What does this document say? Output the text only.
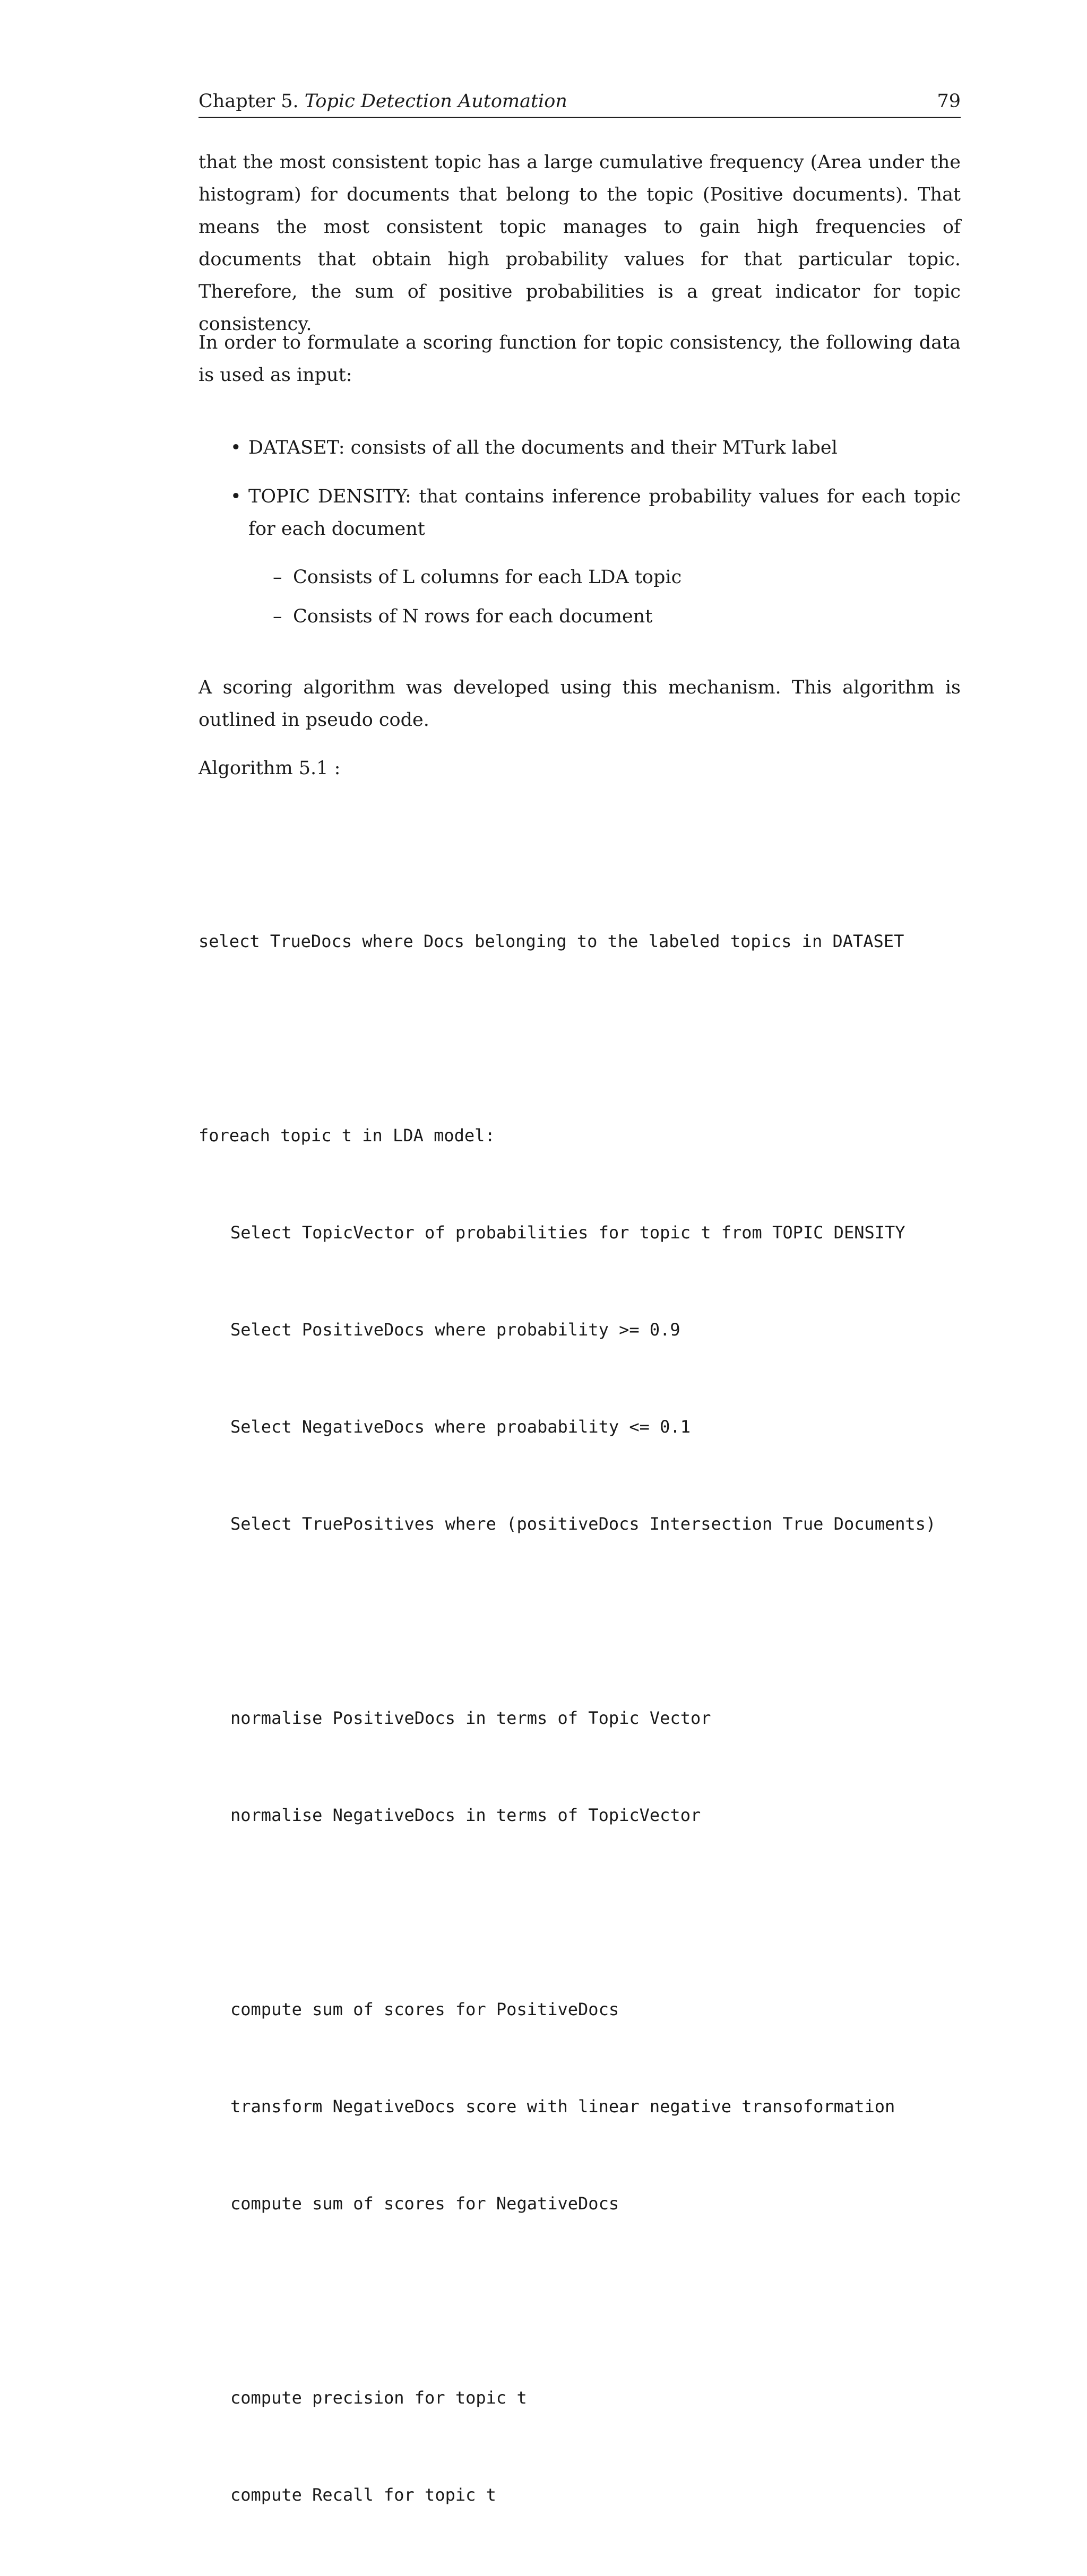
Chapter 5. Topic Detection Automation	79
that the most consistent topic has a large cumulative frequency (Area under the histogram) for documents that belong to the topic (Positive documents). That means the most consistent topic manages to gain high frequencies of documents that obtain high probability values for that particular topic. Therefore, the sum of positive probabilities is a great indicator for topic consistency.
In order to formulate a scoring function for topic consistency, the following data is used as input:
• DATASET: consists of all the documents and their MTurk label
• TOPIC DENSITY: that contains inference probability values for each topic for each document
– Consists of L columns for each LDA topic
– Consists of N rows for each document
A scoring algorithm was developed using this mechanism. This algorithm is outlined in pseudo code.
Algorithm 5.1 :

select TrueDocs where Docs belonging to the labeled topics in DATASET

foreach topic t in LDA model:

Select TopicVector of probabilities for topic t from TOPIC DENSITY

Select PositiveDocs where probability >= 0.9

Select NegativeDocs where proabability <= 0.1

Select TruePositives where (positiveDocs Intersection True Documents)

normalise PositiveDocs in terms of Topic Vector

normalise NegativeDocs in terms of TopicVector

compute sum of scores for PositiveDocs

transform NegativeDocs score with linear negative transoformation

compute sum of scores for NegativeDocs

compute precision for topic t

compute Recall for topic t
